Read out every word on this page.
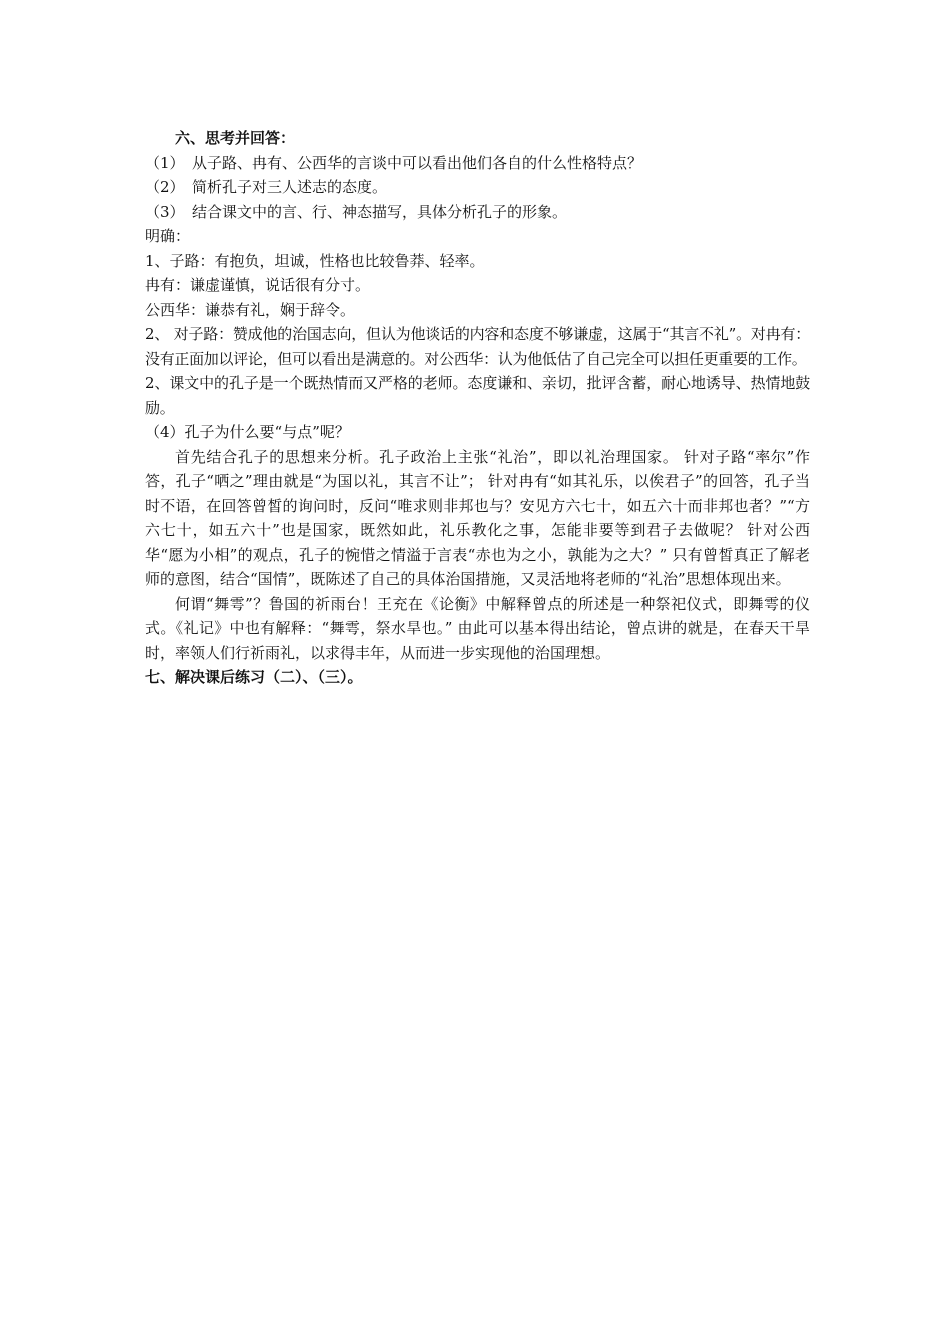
六、思考并回答：
（1）　从子路、冉有、公西华的言谈中可以看出他们各自的什么性格特点？
（2）　简析孔子对三人述志的态度。
（3）　结合课文中的言、行、神态描写，具体分析孔子的形象。
明确：
1、子路：有抱负，坦诚，性格也比较鲁莽、轻率。
冉有：谦虚谨慎，说话很有分寸。
公西华：谦恭有礼，娴于辞令。
2、 对子路：赞成他的治国志向，但认为他谈话的内容和态度不够谦虚，这属于“其言不礼”。对冉有：没有正面加以评论，但可以看出是满意的。对公西华：认为他低估了自己完全可以担任更重要的工作。
2、课文中的孔子是一个既热情而又严格的老师。态度谦和、亲切，批评含蓄，耐心地诱导、热情地鼓励。
（4）孔子为什么要“与点”呢？
首先结合孔子的思想来分析。孔子政治上主张“礼治”，即以礼治理国家。 针对子路“率尔”作答，孔子“哂之”理由就是“为国以礼，其言不让”； 针对冉有“如其礼乐，以俟君子”的回答，孔子当时不语，在回答曾皙的询问时，反问“唯求则非邦也与？安见方六七十，如五六十而非邦也者？”“方六七十，如五六十”也是国家，既然如此，礼乐教化之事，怎能非要等到君子去做呢？ 针对公西华“愿为小相”的观点，孔子的惋惜之情溢于言表“赤也为之小，孰能为之大？” 只有曾皙真正了解老师的意图，结合“国情”，既陈述了自己的具体治国措施，又灵活地将老师的“礼治”思想体现出来。
何谓“舞雩”？鲁国的祈雨台！王充在《论衡》中解释曾点的所述是一种祭祀仪式，即舞雩的仪式。《礼记》中也有解释：“舞雩，祭水旱也。” 由此可以基本得出结论，曾点讲的就是，在春天干旱时，率领人们行祈雨礼，以求得丰年，从而进一步实现他的治国理想。
七、解决课后练习（二）、（三）。
